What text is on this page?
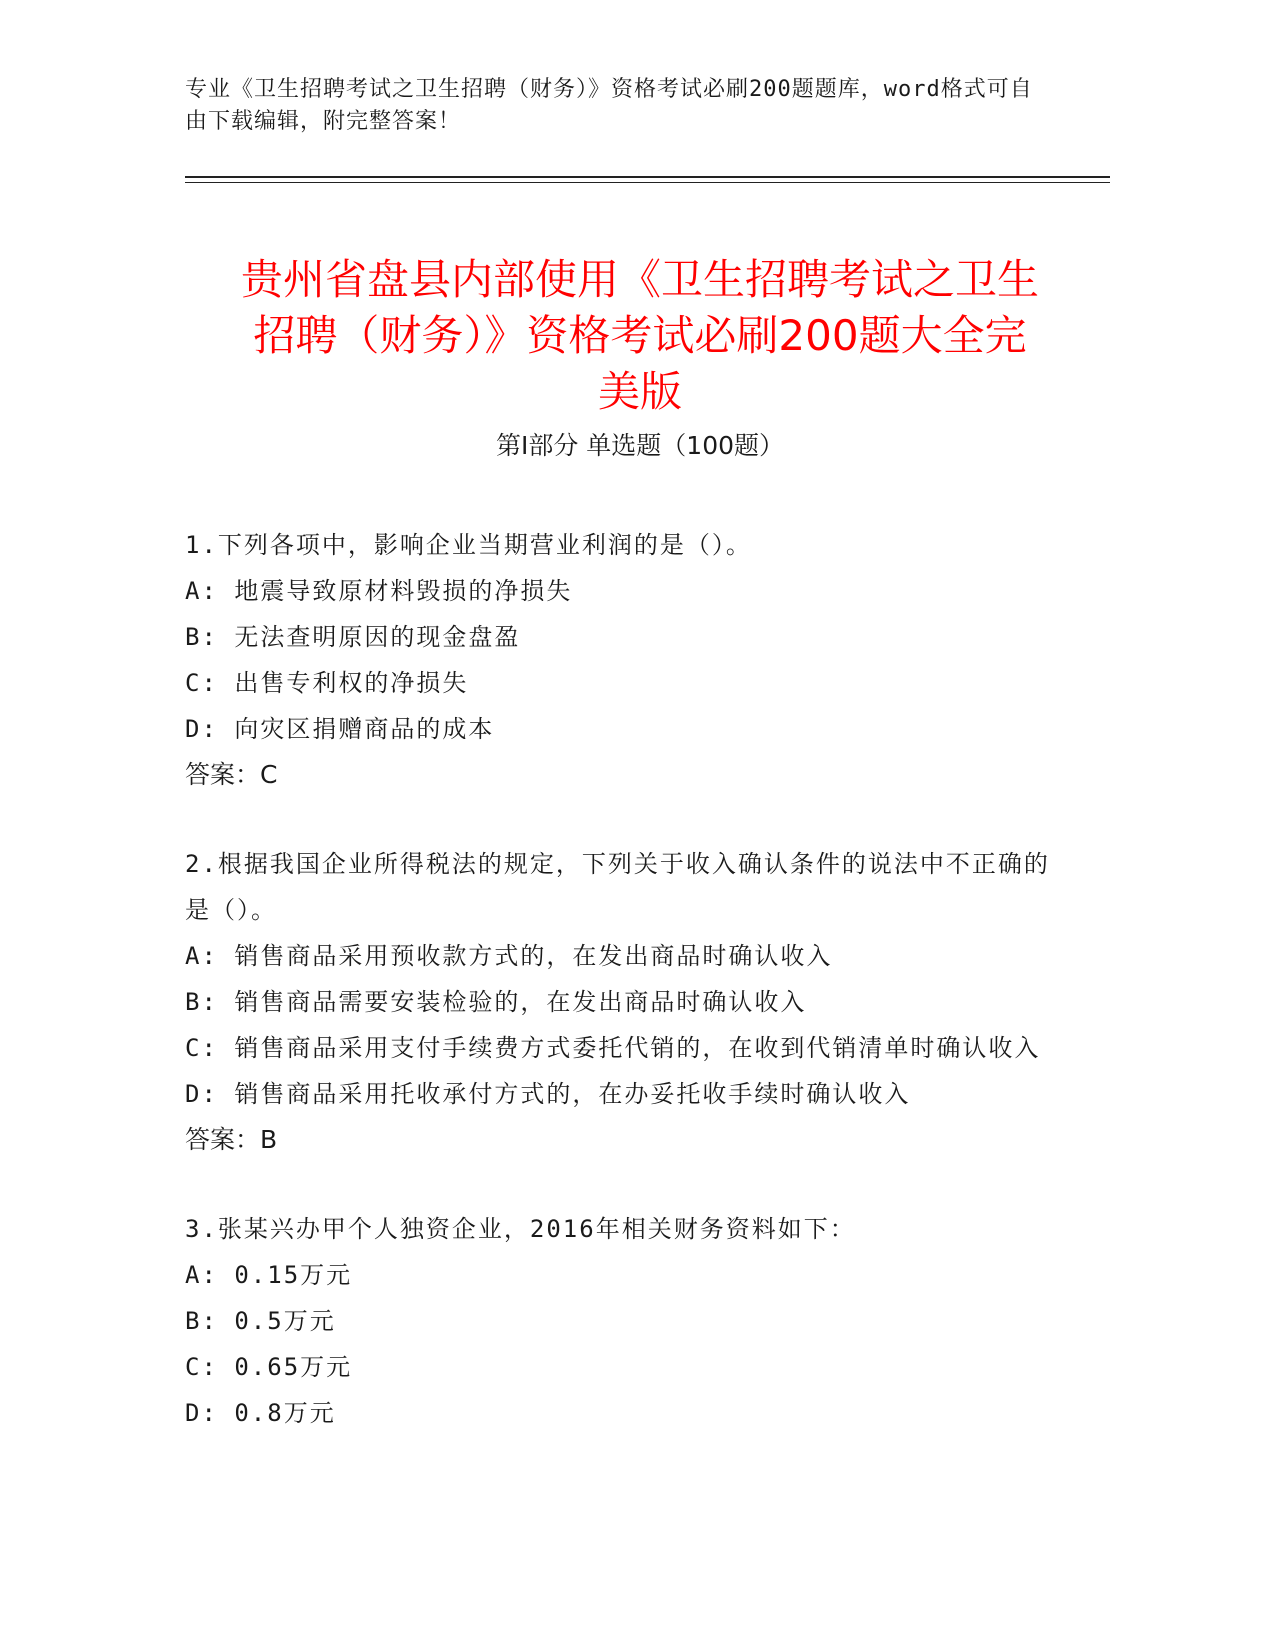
专业《卫生招聘考试之卫生招聘（财务）》资格考试必刷200题题库，word格式可自由下载编辑，附完整答案！
贵州省盘县内部使用《卫生招聘考试之卫生
招聘（财务）》资格考试必刷200题大全完
美版
第Ⅰ部分 单选题（100题）
1.下列各项中，影响企业当期营业利润的是（）。
A: 地震导致原材料毁损的净损失
B: 无法查明原因的现金盘盈
C: 出售专利权的净损失
D: 向灾区捐赠商品的成本
答案：C
2.根据我国企业所得税法的规定，下列关于收入确认条件的说法中不正确的是（）。
A: 销售商品采用预收款方式的，在发出商品时确认收入
B: 销售商品需要安装检验的，在发出商品时确认收入
C: 销售商品采用支付手续费方式委托代销的，在收到代销清单时确认收入
D: 销售商品采用托收承付方式的，在办妥托收手续时确认收入
答案：B
3.张某兴办甲个人独资企业，2016年相关财务资料如下：
A: 0.15万元
B: 0.5万元
C: 0.65万元
D: 0.8万元
